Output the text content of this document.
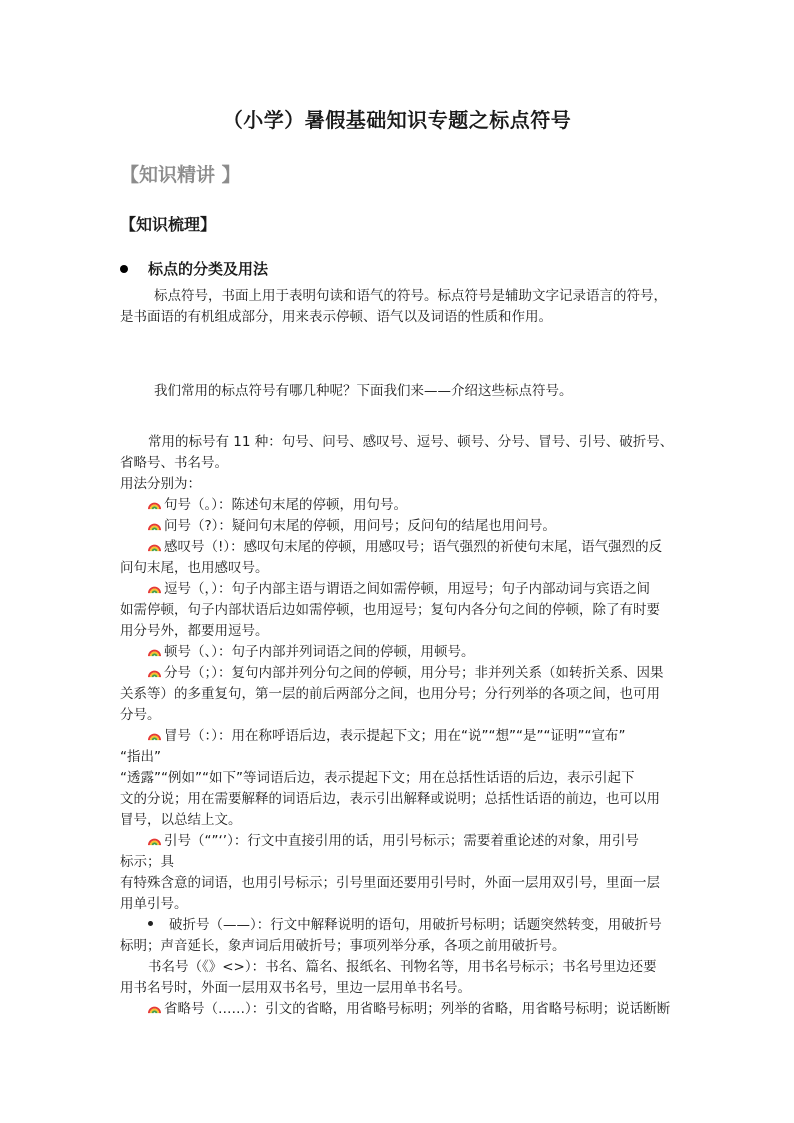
（小学）暑假基础知识专题之标点符号
【知识精讲 】
【知识梳理】
标点的分类及用法
标点符号，书面上用于表明句读和语气的符号。标点符号是辅助文字记录语言的符号，
是书面语的有机组成部分，用来表示停顿、语气以及词语的性质和作用。
我们常用的标点符号有哪几种呢？下面我们来——介绍这些标点符号。
常用的标号有 11 种：句号、问号、感叹号、逗号、顿号、分号、冒号、引号、破折号、
省略号、书名号。
用法分别为：
句号（。）：陈述句末尾的停顿，用句号。
问号（?）：疑问句末尾的停顿，用问号；反问句的结尾也用问号。
感叹号（!）：感叹句末尾的停顿，用感叹号；语气强烈的祈使句末尾，语气强烈的反
问句末尾，也用感叹号。
逗号（，）：句子内部主语与谓语之间如需停顿，用逗号；句子内部动词与宾语之间
如需停顿，句子内部状语后边如需停顿，也用逗号；复句内各分句之间的停顿，除了有时要
用分号外，都要用逗号。
顿号（、）：句子内部并列词语之间的停顿，用顿号。
分号（；）：复句内部并列分句之间的停顿，用分号；非并列关系（如转折关系、因果
关系等）的多重复句，第一层的前后两部分之间，也用分号；分行列举的各项之间，也可用
分号。
冒号（：）：用在称呼语后边，表示提起下文；用在“说”“想”“是”“证明”“宣布”
“指出”
“透露”“例如”“如下”等词语后边，表示提起下文；用在总括性话语的后边，表示引起下
文的分说；用在需要解释的词语后边，表示引出解释或说明；总括性话语的前边，也可以用
冒号，以总结上文。
引号（“”‘’）：行文中直接引用的话，用引号标示；需要着重论述的对象，用引号
标示；具
有特殊含意的词语，也用引号标示；引号里面还要用引号时，外面一层用双引号，里面一层
用单引号。
破折号（——）：行文中解释说明的语句，用破折号标明；话题突然转变，用破折号
标明；声音延长，象声词后用破折号；事项列举分承，各项之前用破折号。
书名号（《》<>）：书名、篇名、报纸名、刊物名等，用书名号标示；书名号里边还要
用书名号时，外面一层用双书名号，里边一层用单书名号。
省略号（……）：引文的省略，用省略号标明；列举的省略，用省略号标明；说话断断
